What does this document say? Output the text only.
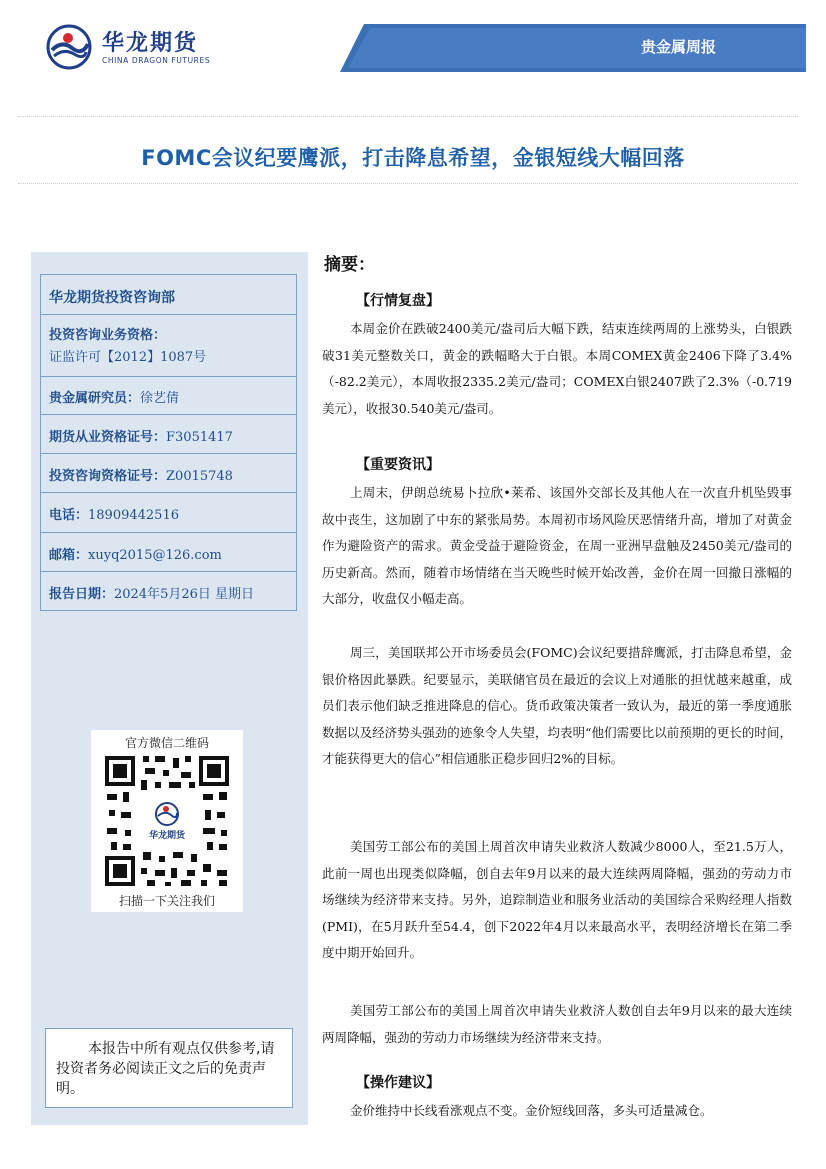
华龙期货
CHINA DRAGON FUTURES
贵金属周报
FOMC会议纪要鹰派，打击降息希望，金银短线大幅回落
华龙期货投资咨询部
投资咨询业务资格：
证监许可【2012】1087号
贵金属研究员：徐艺倩
期货从业资格证号：F3051417
投资咨询资格证号：Z0015748
电话：18909442516
邮箱：xuyq2015@126.com
报告日期：2024年5月26日 星期日
官方微信二维码
华龙期货
扫描一下关注我们
本报告中所有观点仅供参考,请投资者务必阅读正文之后的免责声明。
摘要：
【行情复盘】
本周金价在跌破2400美元/盎司后大幅下跌，结束连续两周的上涨势头，白银跌破31美元整数关口，黄金的跌幅略大于白银。本周COMEX黄金2406下降了3.4%（-82.2美元），本周收报2335.2美元/盎司；COMEX白银2407跌了2.3%（-0.719美元），收报30.540美元/盎司。
【重要资讯】
上周末，伊朗总统易卜拉欣•莱希、该国外交部长及其他人在一次直升机坠毁事故中丧生，这加剧了中东的紧张局势。本周初市场风险厌恶情绪升高，增加了对黄金作为避险资产的需求。黄金受益于避险资金，在周一亚洲早盘触及2450美元/盎司的历史新高。然而，随着市场情绪在当天晚些时候开始改善，金价在周一回撤日涨幅的大部分，收盘仅小幅走高。
周三，美国联邦公开市场委员会(FOMC)会议纪要措辞鹰派，打击降息希望，金银价格因此暴跌。纪要显示，美联储官员在最近的会议上对通胀的担忧越来越重，成员们表示他们缺乏推进降息的信心。货币政策决策者一致认为，最近的第一季度通胀数据以及经济势头强劲的迹象令人失望，均表明“他们需要比以前预期的更长的时间，才能获得更大的信心”相信通胀正稳步回归2%的目标。
美国劳工部公布的美国上周首次申请失业救济人数减少8000人，至21.5万人，此前一周也出现类似降幅，创自去年9月以来的最大连续两周降幅，强劲的劳动力市场继续为经济带来支持。另外，追踪制造业和服务业活动的美国综合采购经理人指数(PMI)，在5月跃升至54.4，创下2022年4月以来最高水平，表明经济增长在第二季度中期开始回升。
美国劳工部公布的美国上周首次申请失业救济人数创自去年9月以来的最大连续两周降幅，强劲的劳动力市场继续为经济带来支持。
【操作建议】
金价维持中长线看涨观点不变。金价短线回落，多头可适量减仓。
